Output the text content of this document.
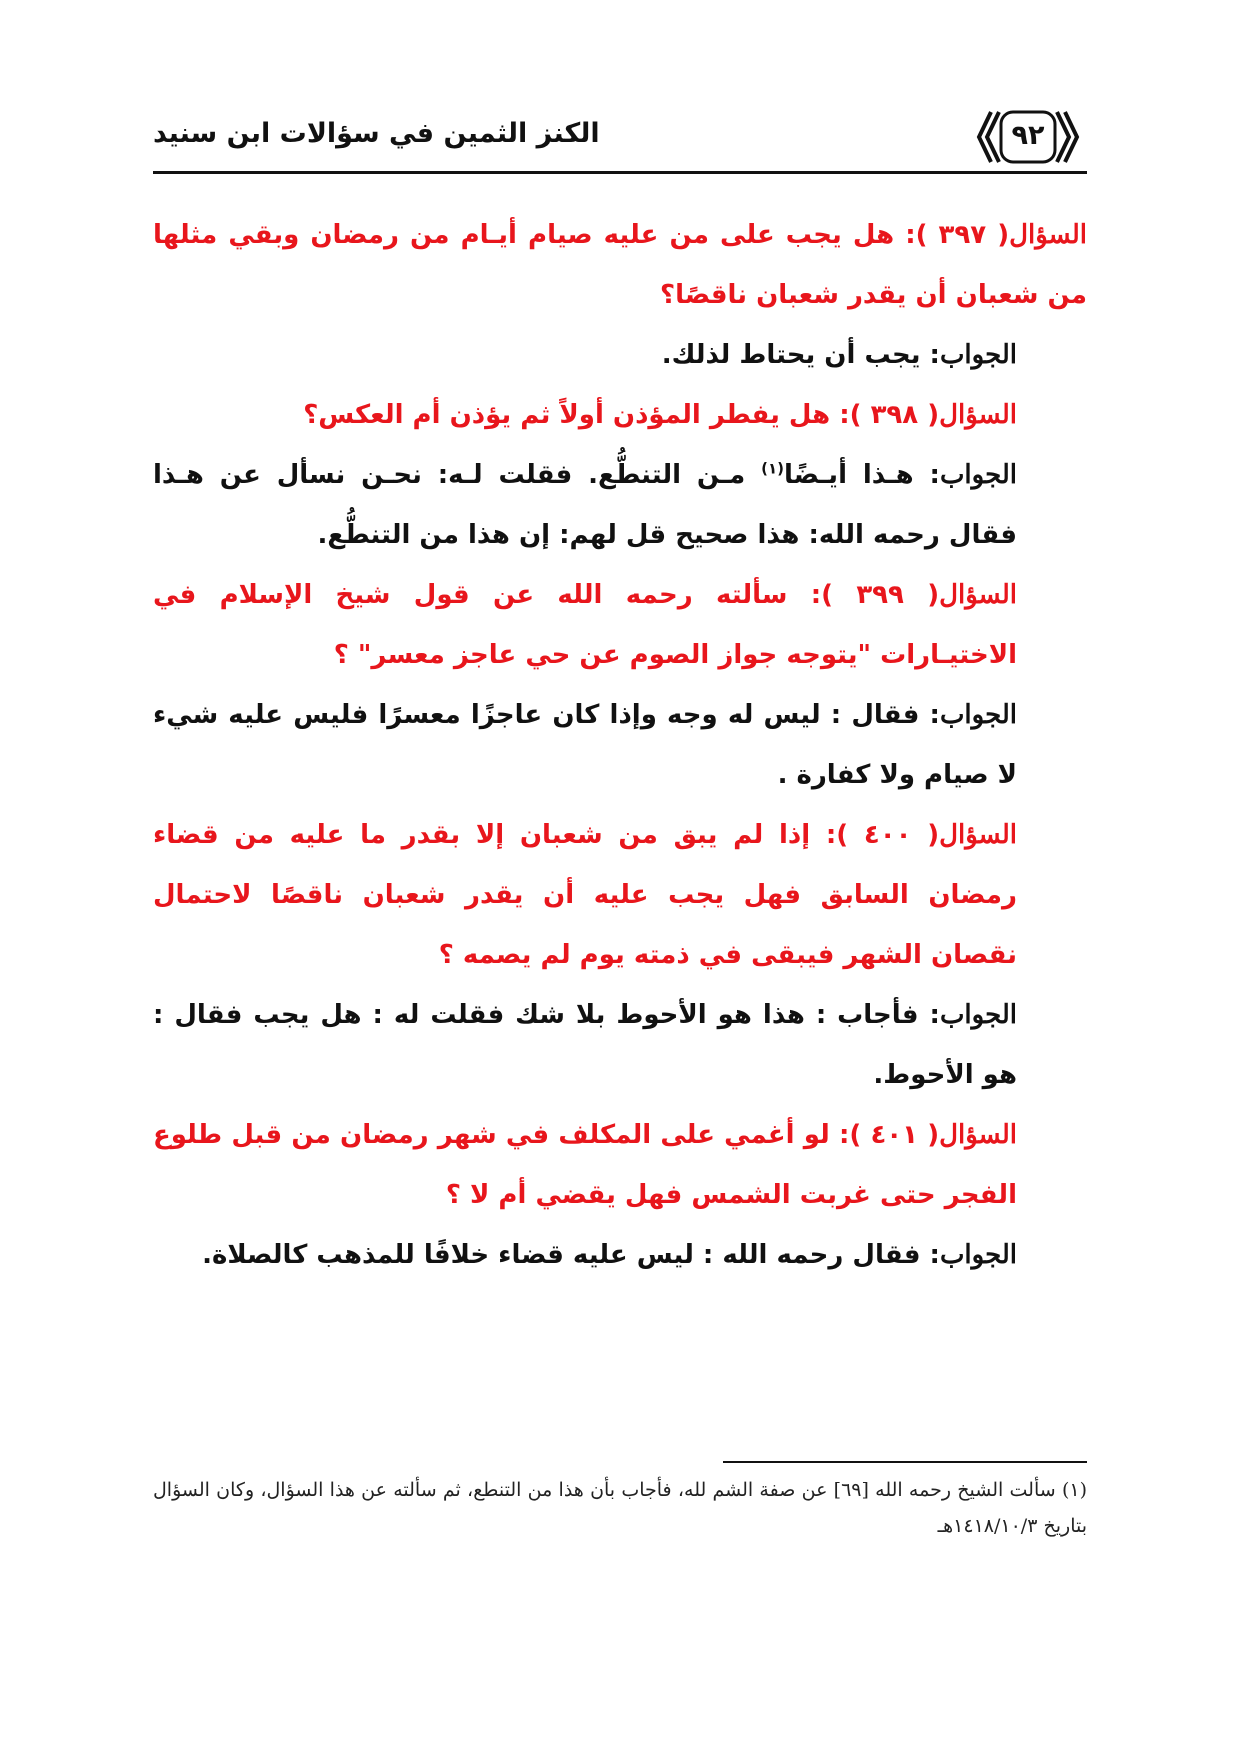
الكنز الثمين في سؤالات ابن سنيد	٩٢

السؤال( ٣٩٧ ): هل يجب على من عليه صيام أيـام من رمضان وبقي مثلها من شعبان أن يقدر شعبان ناقصًا؟

الجواب: يجب أن يحتاط لذلك.

السؤال( ٣٩٨ ): هل يفطر المؤذن أولاً ثم يؤذن أم العكس؟

الجواب: هـذا أيـضًا$^{(١)}$ مـن التنطُّع. فقلت لـه: نحـن نسأل عن هـذا فقال رحمه الله: هذا صحيح قل لهم: إن هذا من التنطُّع.

السؤال( ٣٩٩ ): سألته رحمه الله عن قول شيخ الإسلام في الاختيـارات "يتوجه جواز الصوم عن حي عاجز معسر" ؟

الجواب: فقال : ليس له وجه وإذا كان عاجزًا معسرًا فليس عليه شيء لا صيام ولا كفارة .

السؤال( ٤٠٠ ): إذا لم يبق من شعبان إلا بقدر ما عليه من قضاء رمضان السابق فهل يجب عليه أن يقدر شعبان ناقصًا لاحتمال نقصان الشهر فيبقى في ذمته يوم لم يصمه ؟

الجواب: فأجاب : هذا هو الأحوط بلا شك فقلت له : هل يجب فقال : هو الأحوط.

السؤال( ٤٠١ ): لو أغمي على المكلف في شهر رمضان من قبل طلوع الفجر حتى غربت الشمس فهل يقضي أم لا ؟

الجواب: فقال رحمه الله : ليس عليه قضاء خلافًا للمذهب كالصلاة.

(١) سألت الشيخ رحمه الله [٦٩] عن صفة الشم لله، فأجاب بأن هذا من التنطع، ثم سألته عن هذا السؤال، وكان السؤال بتاريخ ١٤١٨/١٠/٣هـ
